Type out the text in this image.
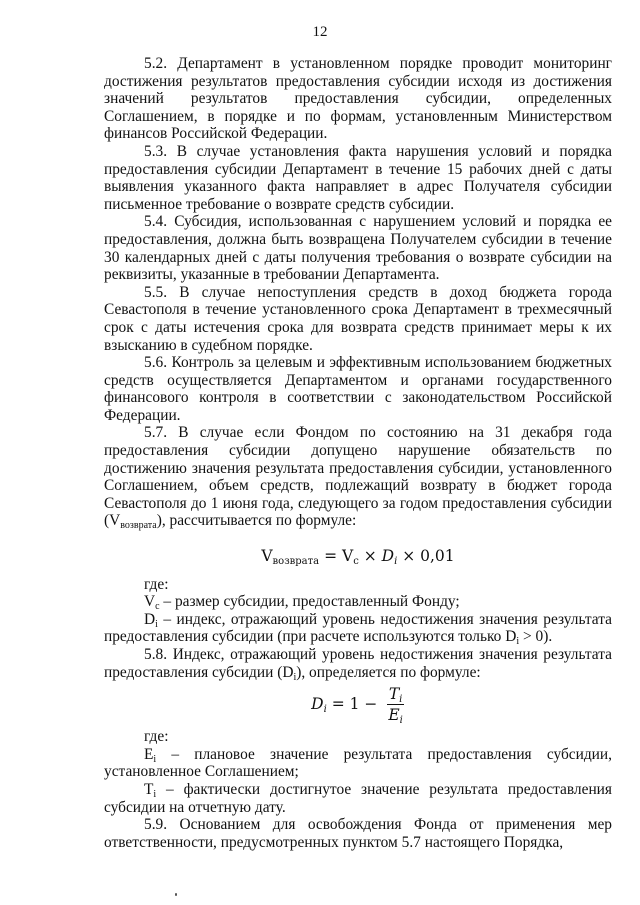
12

5.2. Департамент в установленном порядке проводит мониторинг достижения результатов предоставления субсидии исходя из достижения значений результатов предоставления субсидии, определенных Соглашением, в порядке и по формам, установленным Министерством финансов Российской Федерации.

5.3. В случае установления факта нарушения условий и порядка предоставления субсидии Департамент в течение 15 рабочих дней с даты выявления указанного факта направляет в адрес Получателя субсидии письменное требование о возврате средств субсидии.

5.4. Субсидия, использованная с нарушением условий и порядка ее предоставления, должна быть возвращена Получателем субсидии в течение 30 календарных дней с даты получения требования о возврате субсидии на реквизиты, указанные в требовании Департамента.

5.5. В случае непоступления средств в доход бюджета города Севастополя в течение установленного срока Департамент в трехмесячный срок с даты истечения срока для возврата средств принимает меры к их взысканию в судебном порядке.

5.6. Контроль за целевым и эффективным использованием бюджетных средств осуществляется Департаментом и органами государственного финансового контроля в соответствии с законодательством Российской Федерации.

5.7. В случае если Фондом по состоянию на 31 декабря года предоставления субсидии допущено нарушение обязательств по достижению значения результата предоставления субсидии, установленного Соглашением, объем средств, подлежащий возврату в бюджет города Севастополя до 1 июня года, следующего за годом предоставления субсидии $(V_{возврата})$, рассчитывается по формуле:

$V_{возврата} = V_c \times D_i \times 0,01$

где:

$V_c$ – размер субсидии, предоставленный Фонду;

$D_i$ – индекс, отражающий уровень недостижения значения результата предоставления субсидии (при расчете используются только $D_i > 0$).

5.8. Индекс, отражающий уровень недостижения значения результата предоставления субсидии $(D_i)$, определяется по формуле:

$D_i = 1 - \frac{T_i}{E_i}$

где:

$E_i$ – плановое значение результата предоставления субсидии, установленное Соглашением;

$T_i$ – фактически достигнутое значение результата предоставления субсидии на отчетную дату.

5.9. Основанием для освобождения Фонда от применения мер ответственности, предусмотренных пунктом 5.7 настоящего Порядка,
